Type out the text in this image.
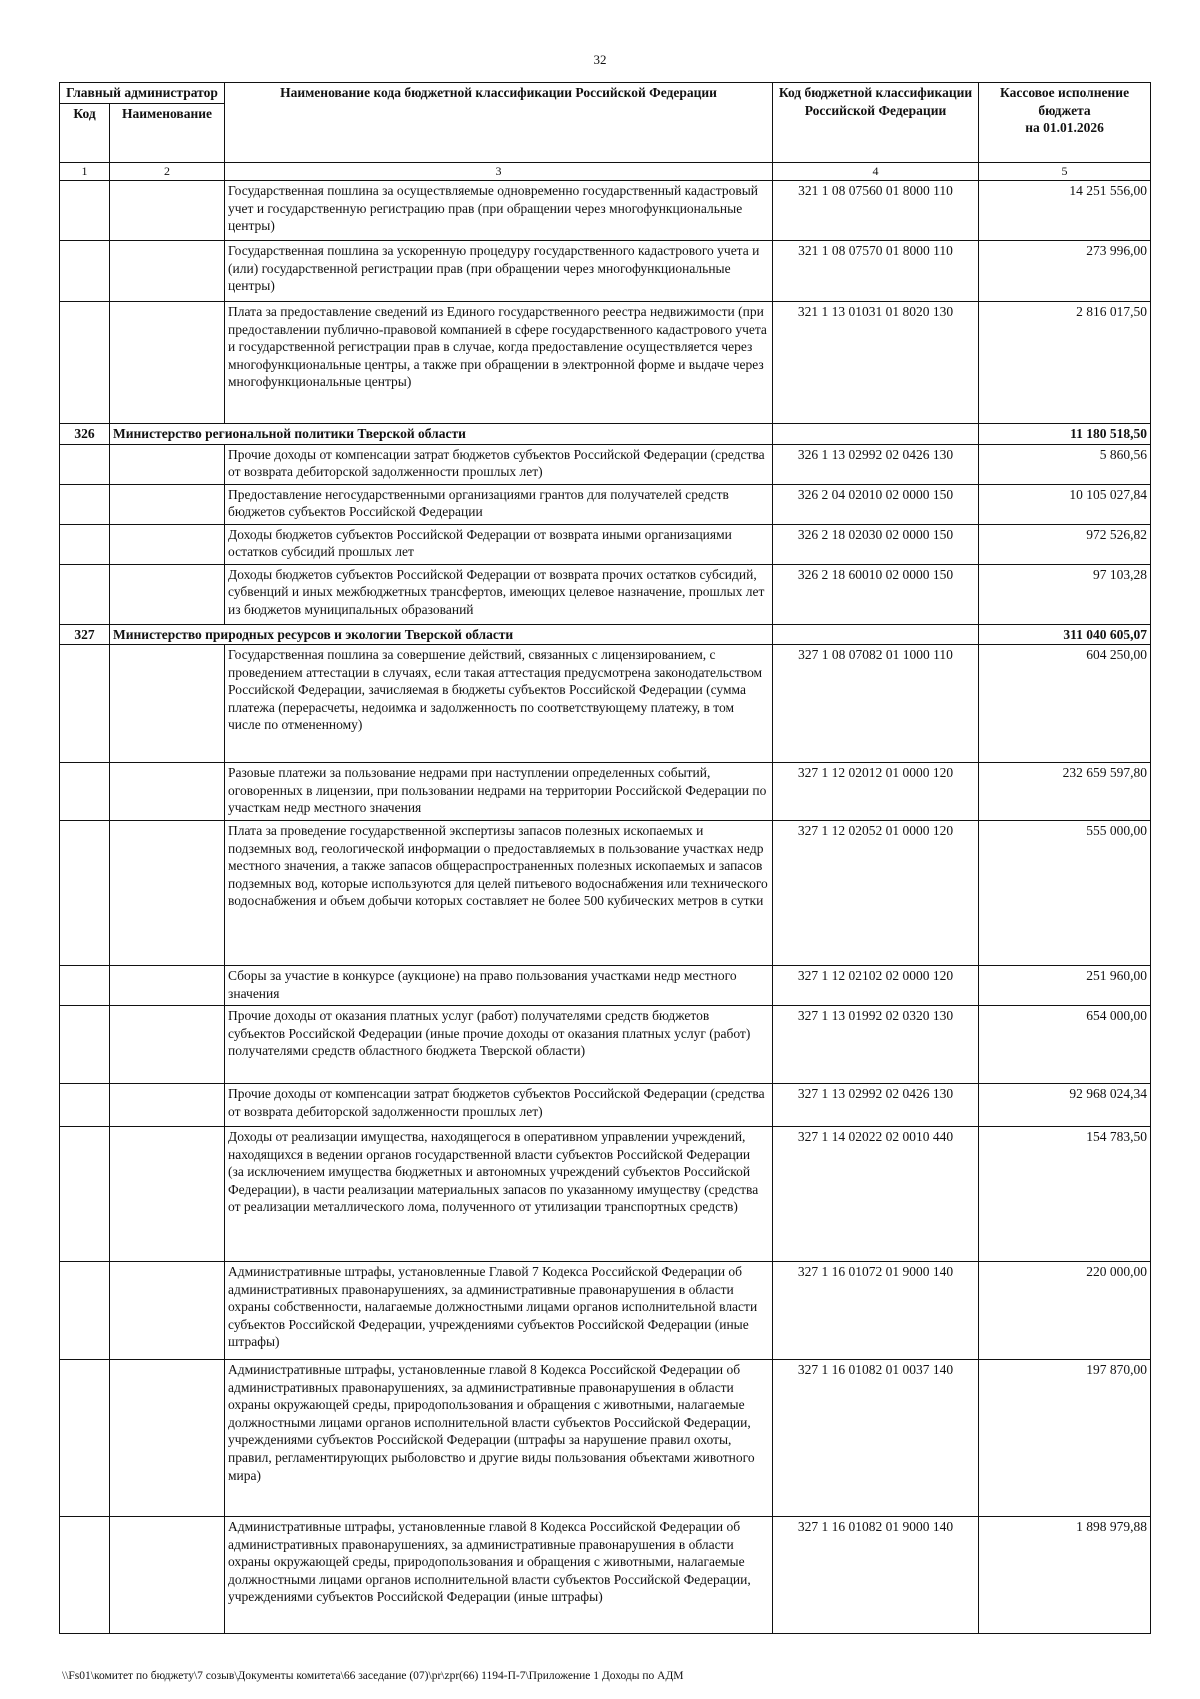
32
Главный администратор		Наименование кода бюджетной классификации Российской Федерации	Код бюджетной классификации Российской Федерации	Кассовое исполнение
бюджета
на 01.01.2026
Код	Наименование			
1	2	3	4	5
		Государственная пошлина за осуществляемые одновременно государственный кадастровый учет и государственную регистрацию прав (при обращении через многофункциональные центры)	321 1 08 07560 01 8000 110	14 251 556,00
		Государственная пошлина за ускоренную процедуру государственного кадастрового учета и (или) государственной регистрации прав (при обращении через многофункциональные центры)	321 1 08 07570 01 8000 110	273 996,00
		Плата за предоставление сведений из Единого государственного реестра недвижимости (при предоставлении публично-правовой компанией в сфере государственного кадастрового учета и государственной регистрации прав в случае, когда предоставление осуществляется через многофункциональные центры, а также при обращении в электронной форме и выдаче через многофункциональные центры)	321 1 13 01031 01 8020 130	2 816 017,50
326	Министерство региональной политики Тверской области			11 180 518,50
		Прочие доходы от компенсации затрат бюджетов субъектов Российской Федерации (средства от возврата дебиторской задолженности прошлых лет)	326 1 13 02992 02 0426 130	5 860,56
		Предоставление негосударственными организациями грантов для получателей средств бюджетов субъектов Российской Федерации	326 2 04 02010 02 0000 150	10 105 027,84
		Доходы бюджетов субъектов Российской Федерации от возврата иными организациями остатков субсидий прошлых лет	326 2 18 02030 02 0000 150	972 526,82
		Доходы бюджетов субъектов Российской Федерации от возврата прочих остатков субсидий, субвенций и иных межбюджетных трансфертов, имеющих целевое назначение, прошлых лет из бюджетов муниципальных образований	326 2 18 60010 02 0000 150	97 103,28
327	Министерство природных ресурсов и экологии Тверской области			311 040 605,07
		Государственная пошлина за совершение действий, связанных с лицензированием, с проведением аттестации в случаях, если такая аттестация предусмотрена законодательством Российской Федерации, зачисляемая в бюджеты субъектов Российской Федерации (сумма платежа (перерасчеты, недоимка и задолженность по соответствующему платежу, в том числе по отмененному)	327 1 08 07082 01 1000 110	604 250,00
		Разовые платежи за пользование недрами при наступлении определенных событий, оговоренных в лицензии, при пользовании недрами на территории Российской Федерации по участкам недр местного значения	327 1 12 02012 01 0000 120	232 659 597,80
		Плата за проведение государственной экспертизы запасов полезных ископаемых и подземных вод, геологической информации о предоставляемых в пользование участках недр местного значения, а также запасов общераспространенных полезных ископаемых и запасов подземных вод, которые используются для целей питьевого водоснабжения или технического водоснабжения и объем добычи которых составляет не более 500 кубических метров в сутки	327 1 12 02052 01 0000 120	555 000,00
		Сборы за участие в конкурсе (аукционе) на право пользования участками недр местного значения	327 1 12 02102 02 0000 120	251 960,00
		Прочие доходы от оказания платных услуг (работ) получателями средств бюджетов субъектов Российской Федерации (иные прочие доходы от оказания платных услуг (работ) получателями средств областного бюджета Тверской области)	327 1 13 01992 02 0320 130	654 000,00
		Прочие доходы от компенсации затрат бюджетов субъектов Российской Федерации (средства от возврата дебиторской задолженности прошлых лет)	327 1 13 02992 02 0426 130	92 968 024,34
		Доходы от реализации имущества, находящегося в оперативном управлении учреждений, находящихся в ведении органов государственной власти субъектов Российской Федерации (за исключением имущества бюджетных и автономных учреждений субъектов Российской Федерации), в части реализации материальных запасов по указанному имуществу (средства от реализации металлического лома, полученного от утилизации транспортных средств)	327 1 14 02022 02 0010 440	154 783,50
		Административные штрафы, установленные Главой 7 Кодекса Российской Федерации об административных правонарушениях, за административные правонарушения в области охраны собственности, налагаемые должностными лицами органов исполнительной власти субъектов Российской Федерации, учреждениями субъектов Российской Федерации (иные штрафы)	327 1 16 01072 01 9000 140	220 000,00
		Административные штрафы, установленные главой 8 Кодекса Российской Федерации об административных правонарушениях, за административные правонарушения в области охраны окружающей среды, природопользования и обращения с животными, налагаемые должностными лицами органов исполнительной власти субъектов Российской Федерации, учреждениями субъектов Российской Федерации (штрафы за нарушение правил охоты, правил, регламентирующих рыболовство и другие виды пользования объектами животного мира)	327 1 16 01082 01 0037 140	197 870,00
		Административные штрафы, установленные главой 8 Кодекса Российской Федерации об административных правонарушениях, за административные правонарушения в области охраны окружающей среды, природопользования и обращения с животными, налагаемые должностными лицами органов исполнительной власти субъектов Российской Федерации, учреждениями субъектов Российской Федерации (иные штрафы)	327 1 16 01082 01 9000 140	1 898 979,88
\\Fs01\комитет по бюджету\7 созыв\Документы комитета\66 заседание (07)\pr\zpr(66) 1194-П-7\Приложение 1 Доходы по АДМ
